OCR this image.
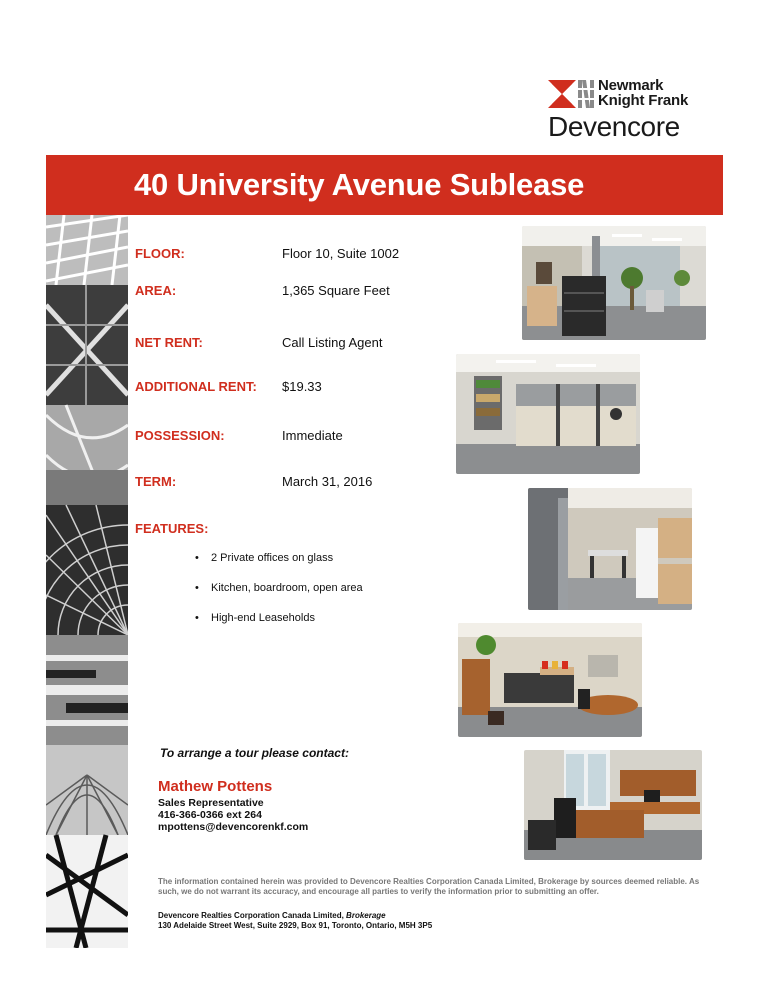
Newmark
Knight Frank
Devencore
40 University Avenue Sublease
FLOOR:	Floor 10, Suite 1002
AREA:	1,365 Square Feet
NET RENT:	Call Listing Agent
ADDITIONAL RENT: $19.33
POSSESSION:	Immediate
TERM:	March 31, 2016
FEATURES:
• 2 Private offices on glass
• Kitchen, boardroom, open area
• High-end Leaseholds
To arrange a tour please contact:
Mathew Pottens
Sales Representative
416-366-0366 ext 264
mpottens@devencorenkf.com
The information contained herein was provided to Devencore Realties Corporation Canada Limited, Brokerage by sources deemed reliable. As such, we do not warrant its accuracy, and encourage all parties to verify the information prior to submitting an offer.
Devencore Realties Corporation Canada Limited, Brokerage
130 Adelaide Street West, Suite 2929, Box 91, Toronto, Ontario, M5H 3P5
